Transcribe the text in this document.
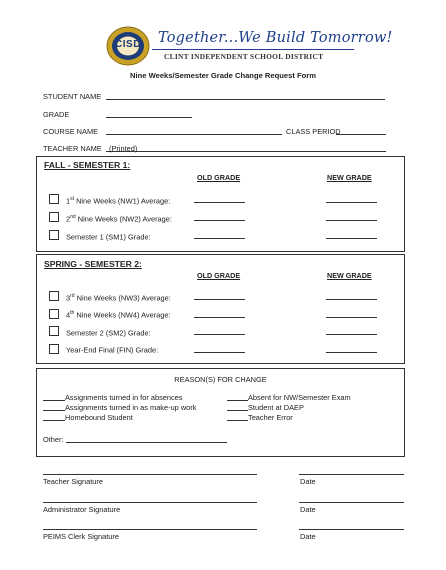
CISD	Together...We Build Tomorrow!
CLINT INDEPENDENT SCHOOL DISTRICT
Nine Weeks/Semester Grade Change Request Form
STUDENT NAME
GRADE
COURSE NAME	CLASS PERIOD
TEACHER NAME (Printed)
FALL - SEMESTER 1:
OLD GRADE	NEW GRADE
1st Nine Weeks (NW1) Average:
2nd Nine Weeks (NW2) Average:
Semester 1 (SM1) Grade:
SPRING - SEMESTER 2:
OLD GRADE	NEW GRADE
3rd Nine Weeks (NW3) Average:
4th Nine Weeks (NW4) Average:
Semester 2 (SM2) Grade:
Year-End Final (FIN) Grade:
REASON(S) FOR CHANGE
Assignments turned in for absences
Assignments turned in as make-up work
Homebound Student
Absent for NW/Semester Exam
Student at DAEP
Teacher Error
Other:
Teacher Signature	Date
Administrator Signature	Date
PEIMS Clerk Signature	Date
